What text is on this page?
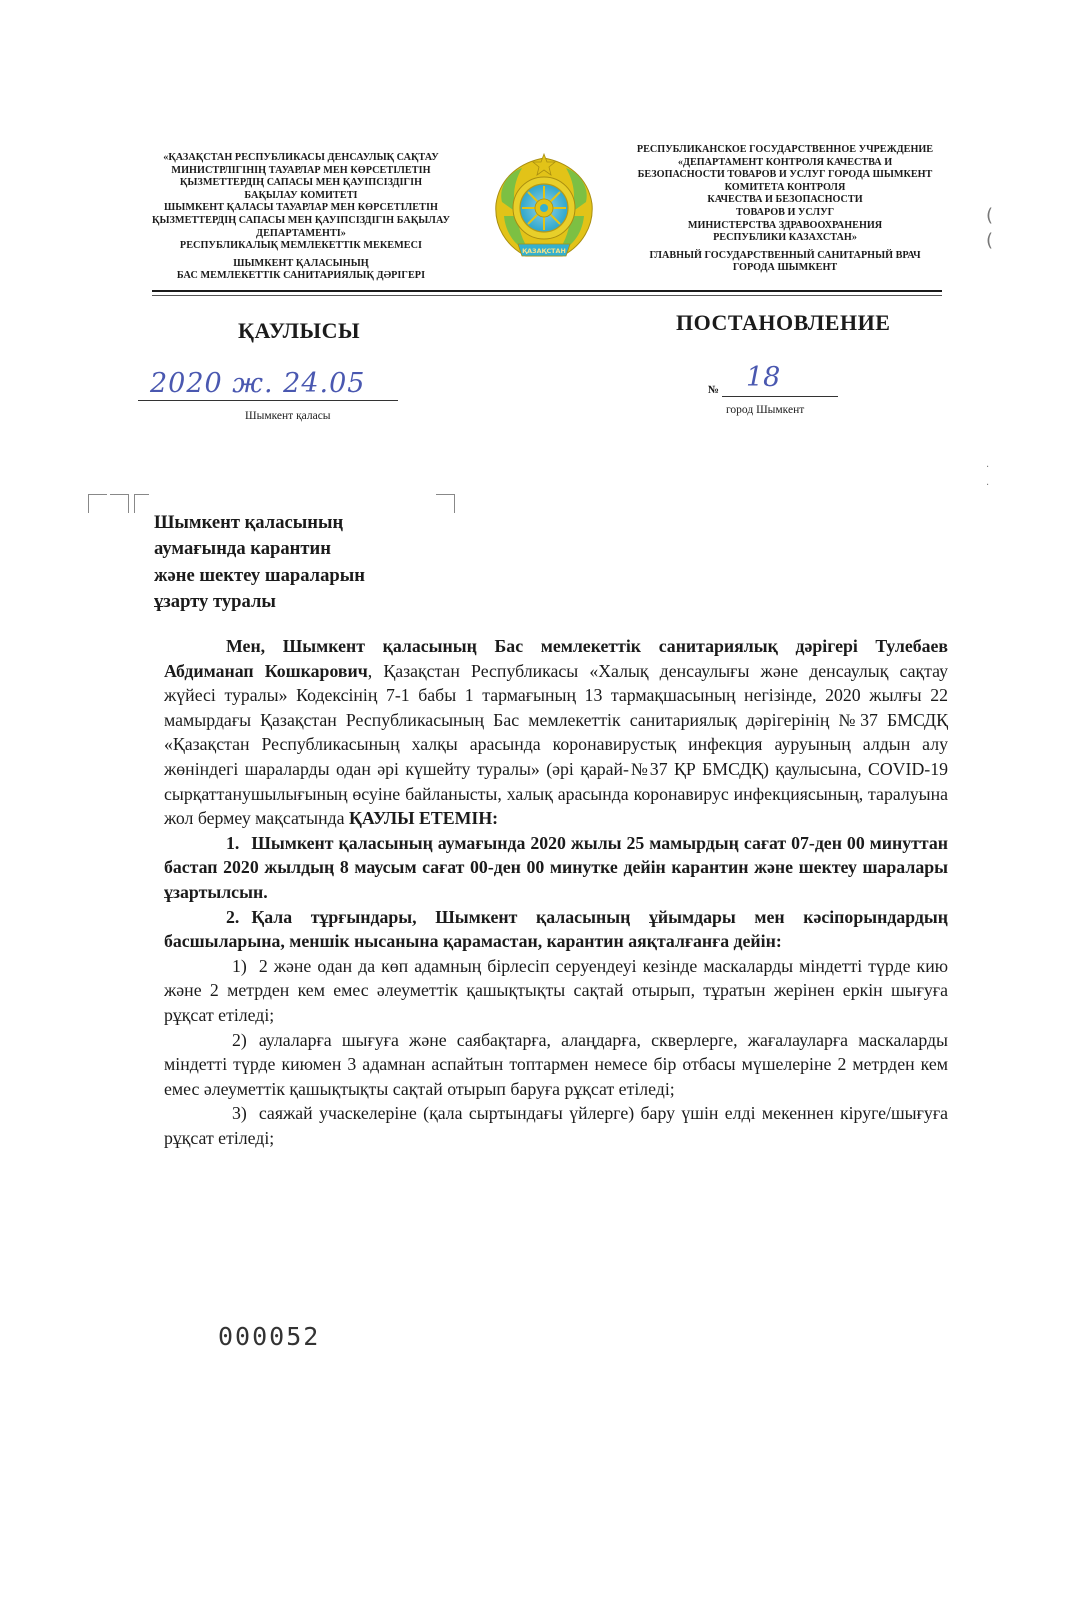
«ҚАЗАҚСТАН РЕСПУБЛИКАСЫ ДЕНСАУЛЫҚ САҚТАУ
МИНИСТРЛІГІНІҢ ТАУАРЛАР МЕН КӨРСЕТІЛЕТІН
ҚЫЗМЕТТЕРДІҢ САПАСЫ МЕН ҚАУІПСІЗДІГІН
БАҚЫЛАУ КОМИТЕТІ
ШЫМКЕНТ ҚАЛАСЫ ТАУАРЛАР МЕН КӨРСЕТІЛЕТІН
ҚЫЗМЕТТЕРДІҢ САПАСЫ МЕН ҚАУІПСІЗДІГІН БАҚЫЛАУ
ДЕПАРТАМЕНТІ»
РЕСПУБЛИКАЛЫҚ МЕМЛЕКЕТТІК МЕКЕМЕСІ
ШЫМКЕНТ ҚАЛАСЫНЫҢ
БАС МЕМЛЕКЕТТІК САНИТАРИЯЛЫҚ ДӘРІГЕРІ
ҚАЗАҚСТАН
РЕСПУБЛИКАНСКОЕ ГОСУДАРСТВЕННОЕ УЧРЕЖДЕНИЕ
«ДЕПАРТАМЕНТ КОНТРОЛЯ КАЧЕСТВА И
БЕЗОПАСНОСТИ ТОВАРОВ И УСЛУГ ГОРОДА ШЫМКЕНТ
КОМИТЕТА КОНТРОЛЯ
КАЧЕСТВА И БЕЗОПАСНОСТИ
ТОВАРОВ И УСЛУГ
МИНИСТЕРСТВА ЗДРАВООХРАНЕНИЯ
РЕСПУБЛИКИ КАЗАХСТАН»
ГЛАВНЫЙ ГОСУДАРСТВЕННЫЙ САНИТАРНЫЙ ВРАЧ
ГОРОДА ШЫМКЕНТ
ҚАУЛЫСЫ	ПОСТАНОВЛЕНИЕ
2020 ж. 24.05
Шымкент қаласы
№ 18
город Шымкент
(
(
·
·
Шымкент қаласының
аумағында карантин
және шектеу шараларын
ұзарту туралы

Мен, Шымкент қаласының Бас мемлекеттік санитариялық дәрігері Тулебаев Абдиманап Кошкарович, Қазақстан Республикасы «Халық денсаулығы және денсаулық сақтау жүйесі туралы» Кодексінің 7-1 бабы 1 тармағының 13 тармақшасының негізінде, 2020 жылғы 22 мамырдағы Қазақстан Республикасының Бас мемлекеттік санитариялық дәрігерінің №37 БМСДҚ «Қазақстан Республикасының халқы арасында коронавирустық инфекция ауруының алдын алу жөніндегі шараларды одан әрі күшейту туралы» (әрі қарай-№37 ҚР БМСДҚ) қаулысына, COVID-19 сырқаттанушылығының өсуіне байланысты, халық арасында коронавирус инфекциясының, таралуына жол бермеу мақсатында ҚАУЛЫ ЕТЕМІН:

1. Шымкент қаласының аумағында 2020 жылы 25 мамырдың сағат 07-ден 00 минуттан бастап 2020 жылдың 8 маусым сағат 00-ден 00 минутке дейін карантин және шектеу шаралары ұзартылсын.

2. Қала тұрғындары, Шымкент қаласының ұйымдары мен кәсіпорындардың басшыларына, меншік нысанына қарамастан, карантин аяқталғанға дейін:

1) 2 және одан да көп адамның бірлесіп серуендеуі кезінде маскаларды міндетті түрде кию және 2 метрден кем емес әлеуметтік қашықтықты сақтай отырып, тұратын жерінен еркін шығуға рұқсат етіледі;

2) аулаларға шығуға және саябақтарға, алаңдарға, скверлерге, жағалауларға маскаларды міндетті түрде киюмен 3 адамнан аспайтын топтармен немесе бір отбасы мүшелеріне 2 метрден кем емес әлеуметтік қашықтықты сақтай отырып баруға рұқсат етіледі;

3) саяжай учаскелеріне (қала сыртындағы үйлерге) бару үшін елді мекеннен кіруге/шығуға рұқсат етіледі;

000052
